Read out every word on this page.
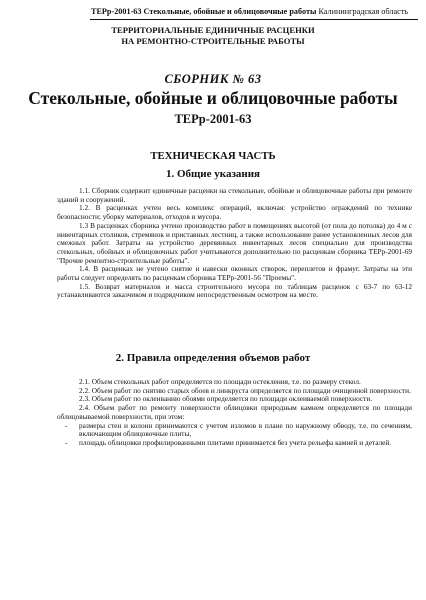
ТЕРр-2001-63 Стекольные, обойные и облицовочные работы Калининградская область
ТЕРРИТОРИАЛЬНЫЕ ЕДИНИЧНЫЕ РАСЦЕНКИ
НА РЕМОНТНО-СТРОИТЕЛЬНЫЕ РАБОТЫ
СБОРНИК № 63
Стекольные, обойные и облицовочные работы
ТЕРр-2001-63
ТЕХНИЧЕСКАЯ ЧАСТЬ
1. Общие указания

1.1. Сборник содержит единичные расценки на стекольные, обойные и облицовочные работы при ремонте зданий и сооружений.

1.2. В расценках учтен весь комплекс операций, включая: устройство ограждений по технике безопасности; уборку материалов, отходов и мусора.

1.3 В расценках сборника учтено производство работ в помещениях высотой (от пола до потолка) до 4 м с инвентарных столиков, стремянок и приставных лестниц, а также использование ранее установленных лесов для смежных работ. Затраты на устройство деревянных инвентарных лесов специально для производства стекольных, обойных и облицовочных работ учитываются дополнительно по расценкам сборника ТЕРр-2001-69 "Прочие ремонтно-строительные работы".

1.4. В расценках не учтено снятие и навески оконных створок, переплетов и фрамуг. Затраты на эти работы следует определять по расценкам сборника ТЕРр-2001-56 "Проемы".

1.5. Возврат материалов и масса строительного мусора по таблицам расценок с 63-7 по 63-12 устанавливаются заказчиком и подрядчиком непосредственным осмотром на месте.

2. Правила определения объемов работ

2.1. Объем стекольных работ определяется по площади остекления, т.е. по размеру стекол.

2.2. Объем работ по снятию старых обоев и линкруста определяется по площади очищенной поверхности.

2.3. Объем работ по оклеиванию обоями определяется по площади оклеиваемой поверхности.

2.4. Объем работ по ремонту поверхности облицовки природным камнем определяется по площади облицовываемой поверхности, при этом:

- размеры стен и колонн принимаются с учетом изломов в плане по наружному обводу, т.е. по сечениям, включающим облицовочные плиты,
- площадь облицовки профилированными плитами принимается без учета рельефа камней и деталей.
